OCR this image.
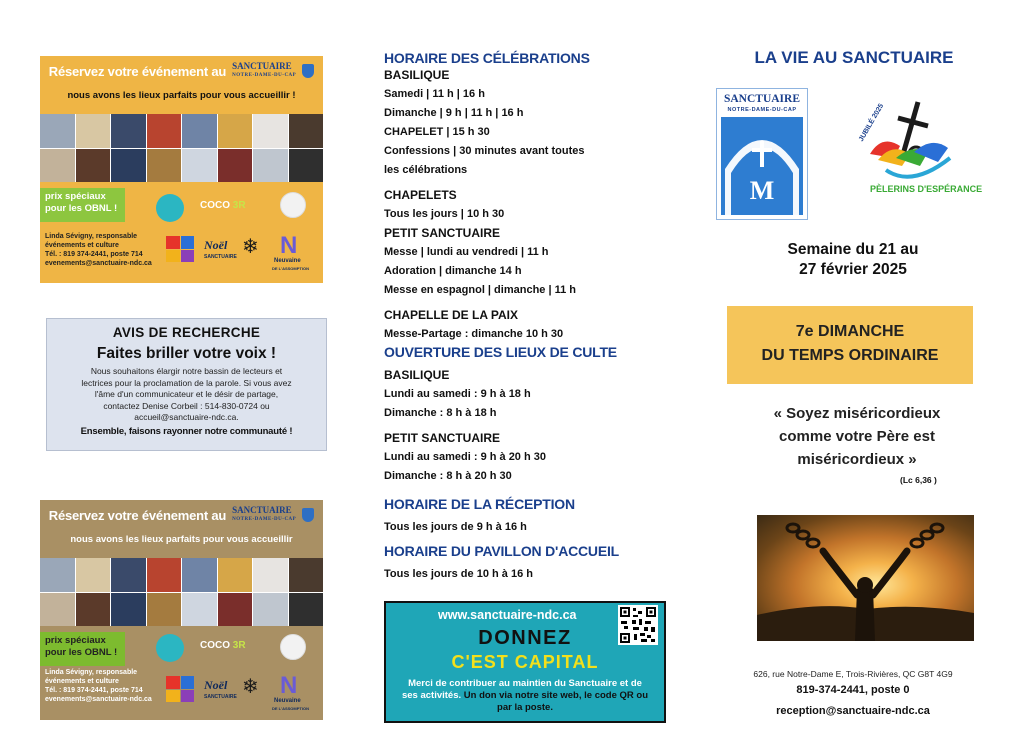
Réservez votre événement au SANCTUAIRE
NOTRE-DAME-DU-CAP
nous avons les lieux parfaits pour vous accueillir !
prix spéciaux
pour les OBNL !
Linda Sévigny, responsable
événements et culture
Tél. : 819 374-2441, poste 714
evenements@sanctuaire-ndc.ca
COCO 3R
Noël
SANCTUAIRE ❄ N
Neuvaine
DE L'ASSOMPTION
AVIS DE RECHERCHE
Faites briller votre voix !
Nous souhaitons élargir notre bassin de lecteurs et
lectrices pour la proclamation de la parole. Si vous avez
l'âme d'un communicateur et le désir de partage,
contactez Denise Corbeil : 514-830-0724 ou
accueil@sanctuaire-ndc.ca.
Ensemble, faisons rayonner notre communauté !
Réservez votre événement au SANCTUAIRE
NOTRE-DAME-DU-CAP
nous avons les lieux parfaits pour vous accueillir
prix spéciaux
pour les OBNL !
Linda Sévigny, responsable
événements et culture
Tél. : 819 374-2441, poste 714
evenements@sanctuaire-ndc.ca
COCO 3R
Noël
SANCTUAIRE ❄ N
Neuvaine
DE L'ASSOMPTION
HORAIRE DES CÉLÉBRATIONS
BASILIQUE
Samedi | 11 h | 16 h
Dimanche | 9 h | 11 h | 16 h
CHAPELET | 15 h 30
Confessions | 30 minutes avant toutes
les célébrations
CHAPELETS
Tous les jours | 10 h 30
PETIT SANCTUAIRE
Messe | lundi au vendredi | 11 h
Adoration | dimanche 14 h
Messe en espagnol | dimanche | 11 h
CHAPELLE DE LA PAIX
Messe-Partage : dimanche 10 h 30
OUVERTURE DES LIEUX DE CULTE
BASILIQUE
Lundi au samedi : 9 h à 18 h
Dimanche : 8 h à 18 h
PETIT SANCTUAIRE
Lundi au samedi : 9 h à 20 h 30
Dimanche : 8 h à 20 h 30
HORAIRE DE LA RÉCEPTION
Tous les jours de 9 h à 16 h
HORAIRE DU PAVILLON D'ACCUEIL
Tous les jours de 10 h à 16 h
www.sanctuaire-ndc.ca
DONNEZ
C'EST CAPITAL
Merci de contribuer au maintien du Sanctuaire et de ses activités. Un don via notre site web, le code QR ou par la poste.
LA VIE AU SANCTUAIRE
SANCTUAIRE
NOTRE-DAME-DU-CAP
M
JUBILÉ 2025
PÈLERINS D'ESPÉRANCE
Semaine du 21 au
27 février 2025
7e DIMANCHE
DU TEMPS ORDINAIRE
« Soyez miséricordieux
comme votre Père est
miséricordieux »
(Lc 6,36 )
626, rue Notre-Dame E, Trois-Rivières, QC G8T 4G9
819-374-2441, poste 0
reception@sanctuaire-ndc.ca
